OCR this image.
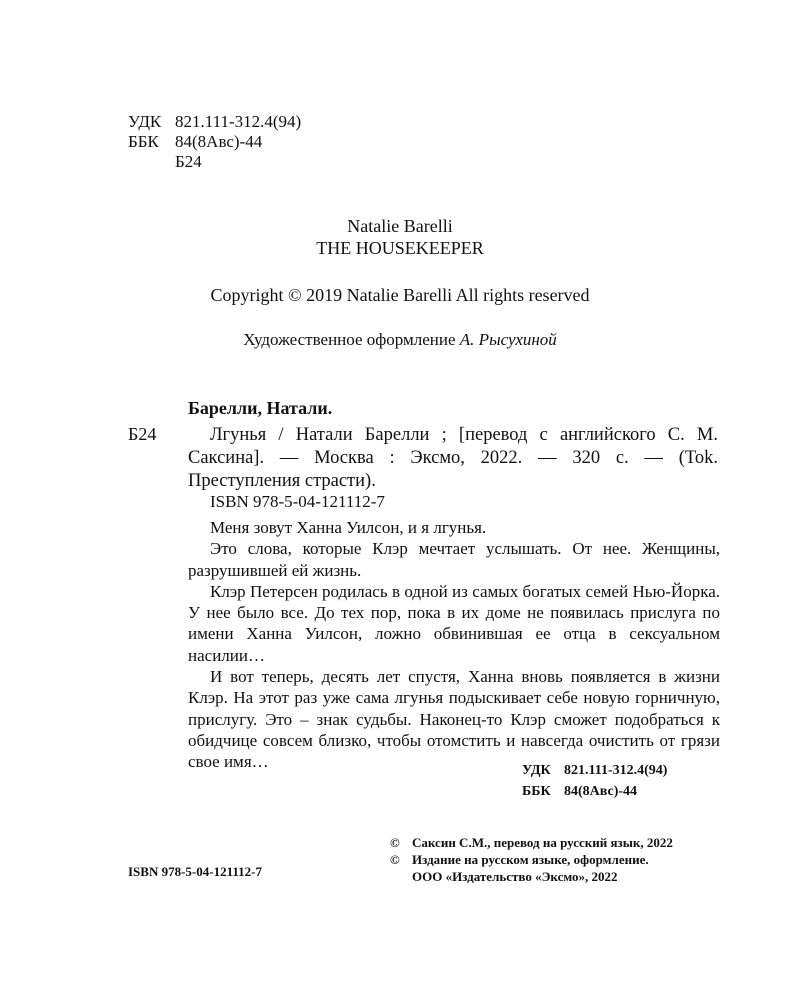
УДК 821.111-312.4(94)
ББК 84(8Авс)-44
Б24
Natalie Barelli
THE HOUSEKEEPER
Copyright © 2019 Natalie Barelli All rights reserved
Художественное оформление А. Рысухиной
Барелли, Натали.
Б24	Лгунья / Натали Барелли ; [перевод с английского С. М. Саксина]. — Москва : Эксмо, 2022. — 320 с. — (Tok. Преступления страсти).
ISBN 978-5-04-121112-7

Меня зовут Ханна Уилсон, и я лгунья.

Это слова, которые Клэр мечтает услышать. От нее. Женщины, разрушившей ей жизнь.

Клэр Петерсен родилась в одной из самых богатых семей Нью-Йорка. У нее было все. До тех пор, пока в их доме не появилась прислуга по имени Ханна Уилсон, ложно обвинившая ее отца в сексуальном насилии…

И вот теперь, десять лет спустя, Ханна вновь появляется в жизни Клэр. На этот раз уже сама лгунья подыскивает себе новую горничную, прислугу. Это – знак судьбы. Наконец-то Клэр сможет подобраться к обидчице совсем близко, чтобы отомстить и навсегда очистить от грязи свое имя…	УДК 821.111-312.4(94)
ББК 84(8Авс)-44
© Саксин С.М., перевод на русский язык, 2022
© Издание на русском языке, оформление.
ООО «Издательство «Эксмо», 2022
ISBN 978-5-04-121112-7
